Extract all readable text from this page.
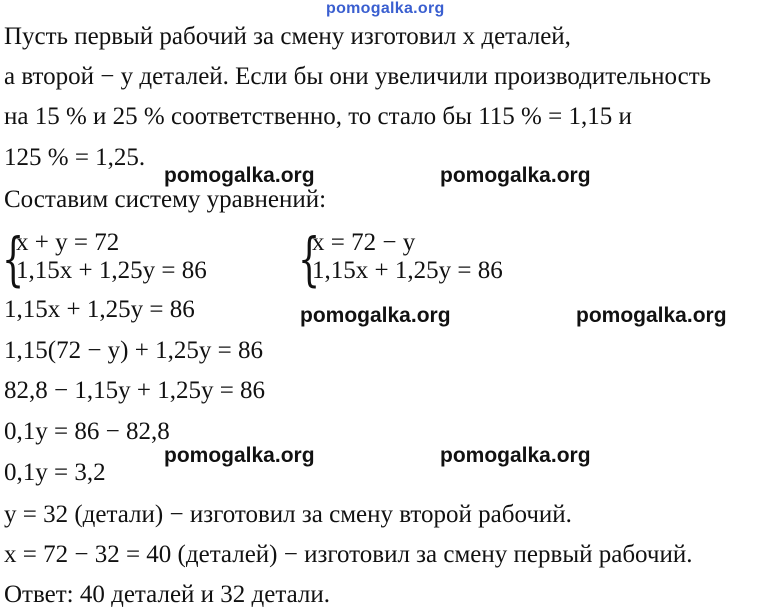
pomogalka.org
Пусть первый рабочий за смену изготовил x деталей,
а второй − y деталей. Если бы они увеличили производительность
на 15 % и 25 % соответственно, то стало бы 115 % = 1,15 и
125 % = 1,25.
pomogalka.org	pomogalka.org
Составим систему уравнений:
{
x + y = 72
1,15x + 1,25y = 86 {
x = 72 − y
1,15x + 1,25y = 86
1,15x + 1,25y = 86	pomogalka.org	pomogalka.org
1,15(72 − y) + 1,25y = 86
82,8 − 1,15y + 1,25y = 86
0,1y = 86 − 82,8
pomogalka.org	pomogalka.org
0,1y = 3,2
y = 32 (детали) − изготовил за смену второй рабочий.
x = 72 − 32 = 40 (деталей) − изготовил за смену первый рабочий.
Ответ: 40 деталей и 32 детали.
